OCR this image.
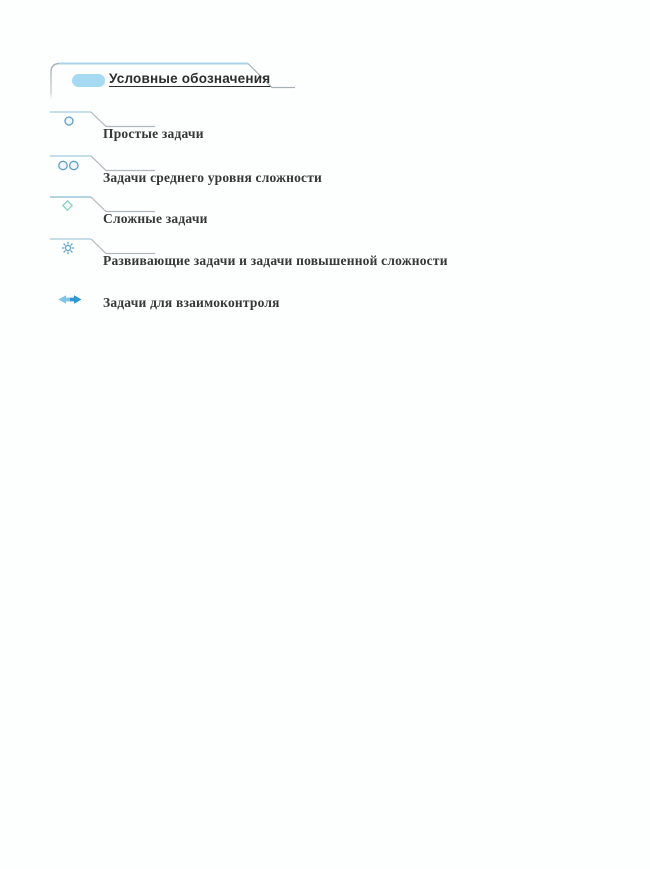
Условные обозначения
Простые задачи
Задачи среднего уровня сложности
Сложные задачи
Развивающие задачи и задачи повышенной сложности
Задачи для взаимоконтроля
